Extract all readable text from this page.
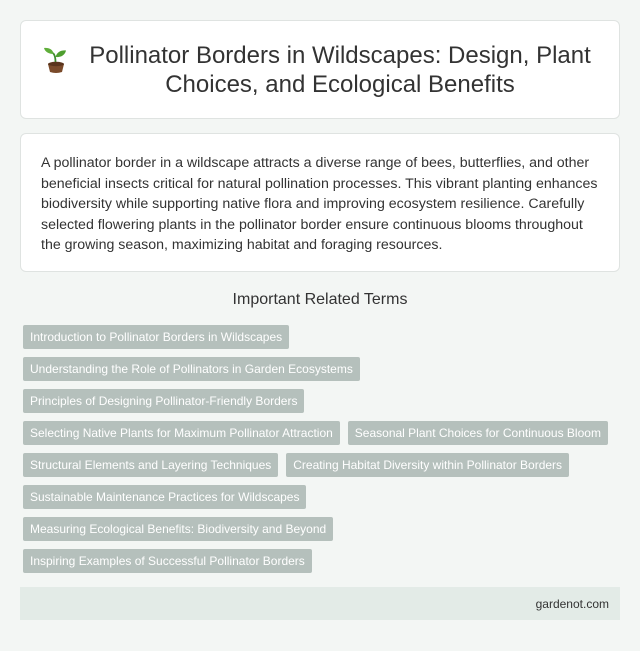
Pollinator Borders in Wildscapes: Design, Plant Choices, and Ecological Benefits

A pollinator border in a wildscape attracts a diverse range of bees, butterflies, and other beneficial insects critical for natural pollination processes. This vibrant planting enhances biodiversity while supporting native flora and improving ecosystem resilience. Carefully selected flowering plants in the pollinator border ensure continuous blooms throughout the growing season, maximizing habitat and foraging resources.

Important Related Terms
Introduction to Pollinator Borders in Wildscapes
Understanding the Role of Pollinators in Garden Ecosystems
Principles of Designing Pollinator-Friendly Borders
Selecting Native Plants for Maximum Pollinator Attraction	Seasonal Plant Choices for Continuous Bloom
Structural Elements and Layering Techniques	Creating Habitat Diversity within Pollinator Borders
Sustainable Maintenance Practices for Wildscapes
Measuring Ecological Benefits: Biodiversity and Beyond
Inspiring Examples of Successful Pollinator Borders
gardenot.com
